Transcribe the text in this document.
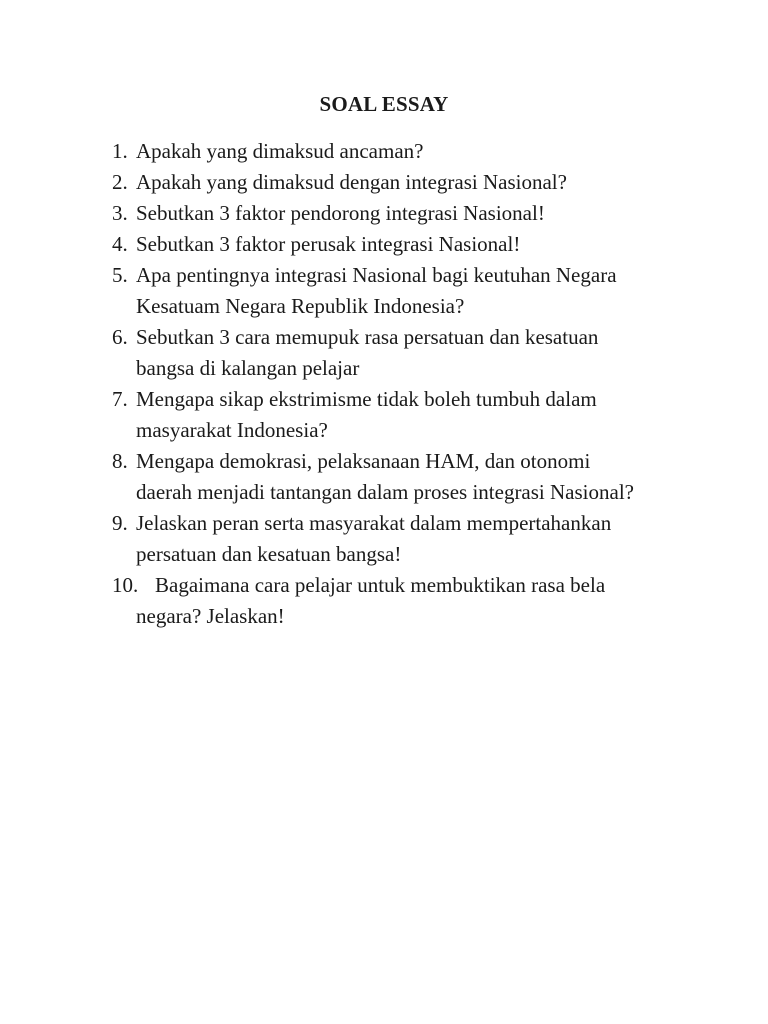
SOAL ESSAY
1. Apakah yang dimaksud ancaman?
2. Apakah yang dimaksud dengan integrasi Nasional?
3. Sebutkan 3 faktor pendorong integrasi Nasional!
4. Sebutkan 3 faktor perusak integrasi Nasional!
5. Apa pentingnya integrasi Nasional bagi keutuhan Negara
Kesatuam Negara Republik Indonesia?
6. Sebutkan 3 cara memupuk rasa persatuan dan kesatuan
bangsa di kalangan pelajar
7. Mengapa sikap ekstrimisme tidak boleh tumbuh dalam
masyarakat Indonesia?
8. Mengapa demokrasi, pelaksanaan HAM, dan otonomi
daerah menjadi tantangan dalam proses integrasi Nasional?
9. Jelaskan peran serta masyarakat dalam mempertahankan
persatuan dan kesatuan bangsa!
10. Bagaimana cara pelajar untuk membuktikan rasa bela
negara? Jelaskan!
